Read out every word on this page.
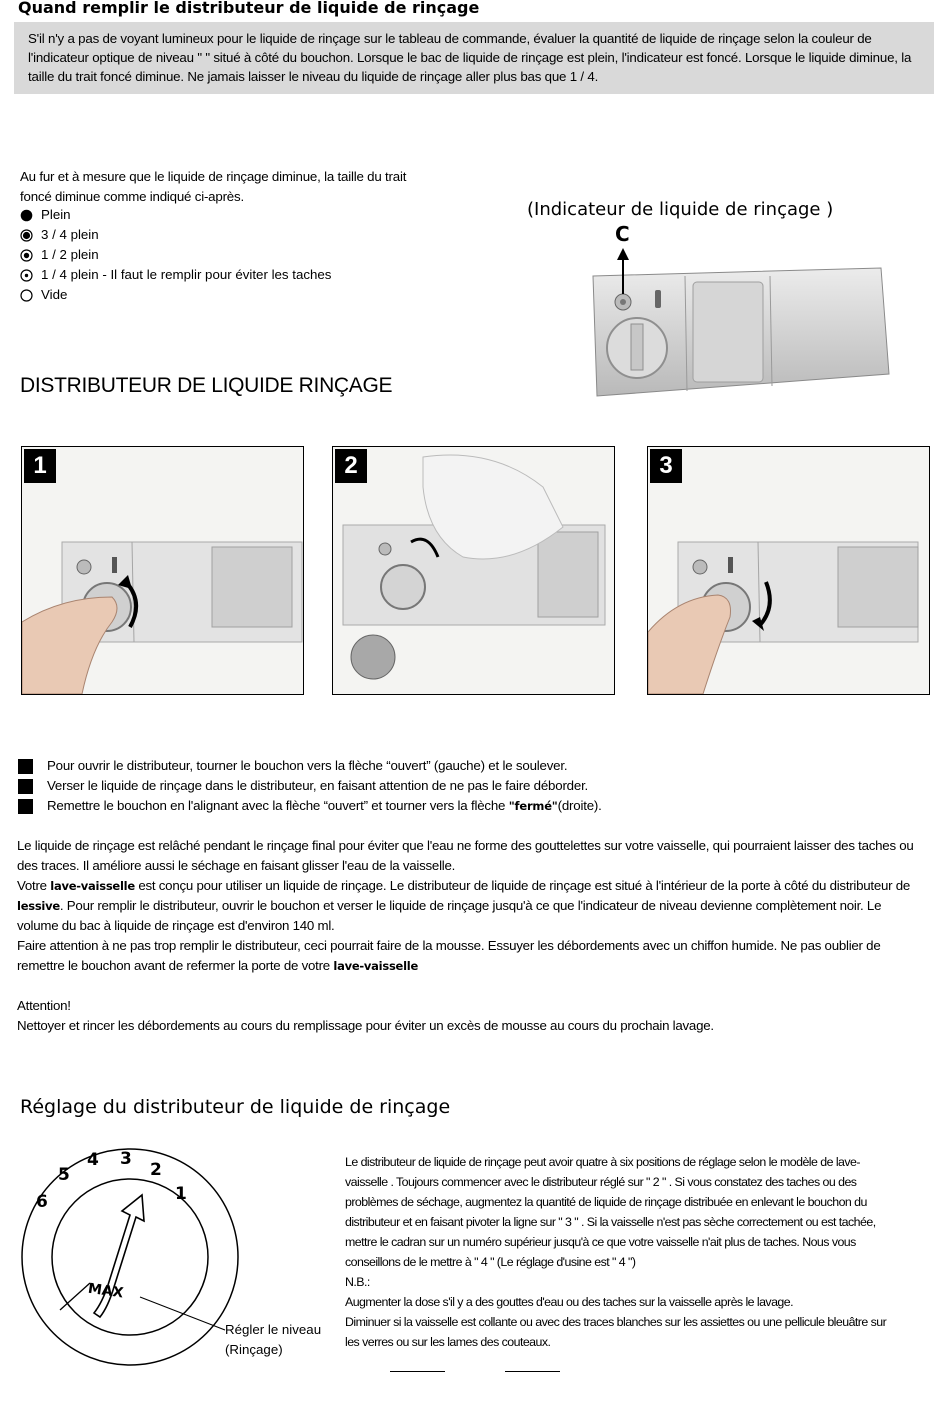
Quand remplir le distributeur de liquide de rinçage

S'il n'y a pas de voyant lumineux pour le liquide de rinçage sur le tableau de commande, évaluer la quantité de liquide de rinçage selon la couleur de l'indicateur optique de niveau " " situé à côté du bouchon. Lorsque le bac de liquide de rinçage est plein, l'indicateur est foncé. Lorsque le liquide diminue, la taille du trait foncé diminue. Ne jamais laisser le niveau du liquide de rinçage aller plus bas que 1 / 4.

Au fur et à mesure que le liquide de rinçage diminue, la taille du trait foncé diminue comme indiqué ci-après.
Plein
3 / 4 plein
1 / 2 plein
1 / 4 plein - Il faut le remplir pour éviter les taches
Vide
(Indicateur de liquide de rinçage )
C
DISTRIBUTEUR DE LIQUIDE RINÇAGE
1	2	3
Pour ouvrir le distributeur, tourner le bouchon vers la flèche “ouvert” (gauche) et le soulever.
Verser le liquide de rinçage dans le distributeur, en faisant attention de ne pas le faire déborder.
Remettre le bouchon en l'alignant avec la flèche “ouvert” et tourner vers la flèche
"fermé" (droite).

Le liquide de rinçage est relâché pendant le rinçage final pour éviter que l'eau ne forme des gouttelettes sur votre vaisselle, qui pourraient laisser des taches ou des traces. Il améliore aussi le séchage en faisant glisser l'eau de la vaisselle.

Votre lave-vaisselle est conçu pour utiliser un liquide de rinçage. Le distributeur de liquide de rinçage est situé à l'intérieur de la porte à côté du distributeur de lessive. Pour remplir le distributeur, ouvrir le bouchon et verser le liquide de rinçage jusqu'à ce que l'indicateur de niveau devienne complètement noir. Le volume du bac à liquide de rinçage est d'environ 140 ml.

Faire attention à ne pas trop remplir le distributeur, ceci pourrait faire de la mousse. Essuyer les débordements avec un chiffon humide. Ne pas oublier de remettre le bouchon avant de refermer la porte de votre lave-vaisselle

Attention!
Nettoyer et rincer les débordements au cours du remplissage pour éviter un excès de mousse au cours du prochain lavage.
Réglage du distributeur de liquide de rinçage
4 3
2
1
5
6
MAX
Régler le niveau
(Rinçage)

Le distributeur de liquide de rinçage peut avoir quatre à six positions de réglage selon le modèle de lave-vaisselle . Toujours commencer avec le distributeur réglé sur " 2 " . Si vous constatez des taches ou des problèmes de séchage, augmentez la quantité de liquide de rinçage distribuée en enlevant le bouchon du distributeur et en faisant pivoter la ligne sur " 3 " . Si la vaisselle n'est pas sèche correctement ou est tachée, mettre le cadran sur un numéro supérieur jusqu'à ce que votre vaisselle n'ait plus de taches. Nous vous conseillons de le mettre à " 4 " (Le réglage d'usine est " 4 ")

N.B.:

Augmenter la dose s'il y a des gouttes d'eau ou des taches sur la vaisselle après le lavage.

Diminuer si la vaisselle est collante ou avec des traces blanches sur les assiettes ou une pellicule bleuâtre sur les verres ou sur les lames des couteaux.
